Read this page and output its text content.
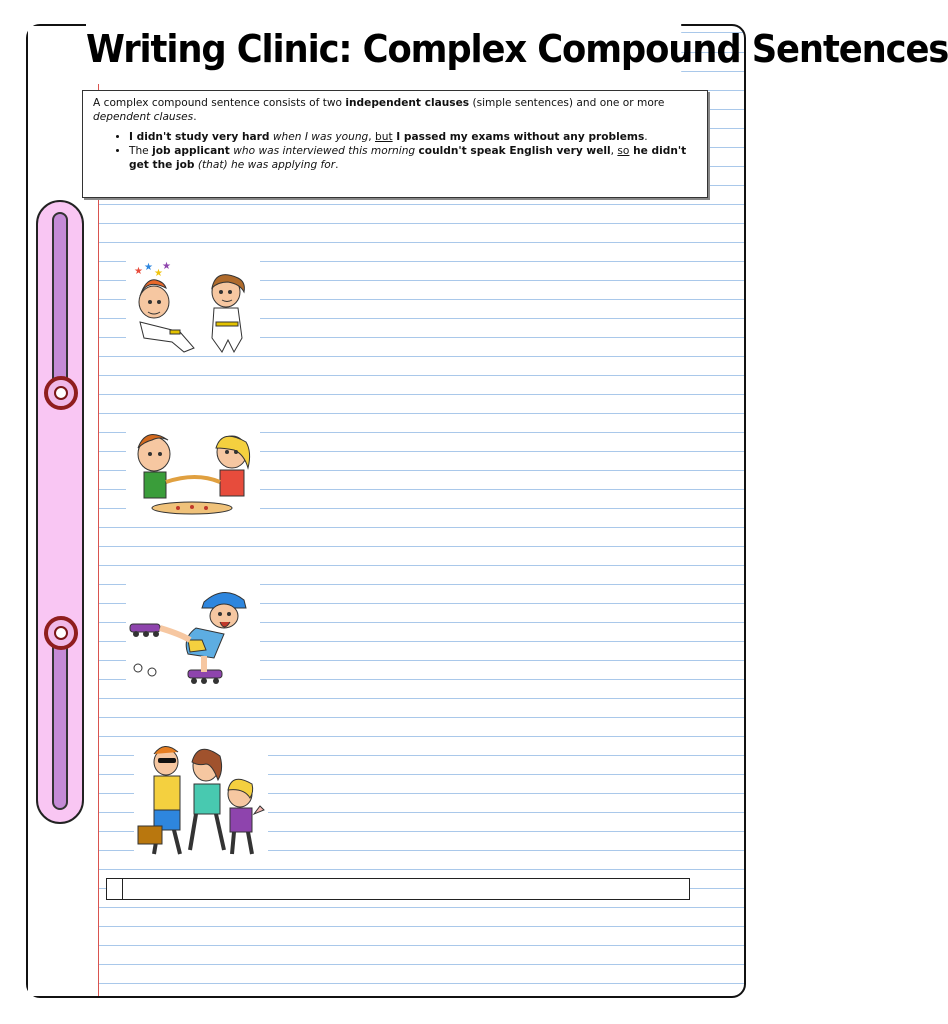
Writing Clinic: Complex Compound Sentences

A complex compound sentence consists of two independent clauses (simple sentences) and one or more dependent clauses.

• I didn't study very hard when I was young, but I passed my exams without any problems.
• The job applicant who was interviewed this morning couldn't speak English very well, so he didn't get the job (that) he was applying for.
★ ★
★
★
